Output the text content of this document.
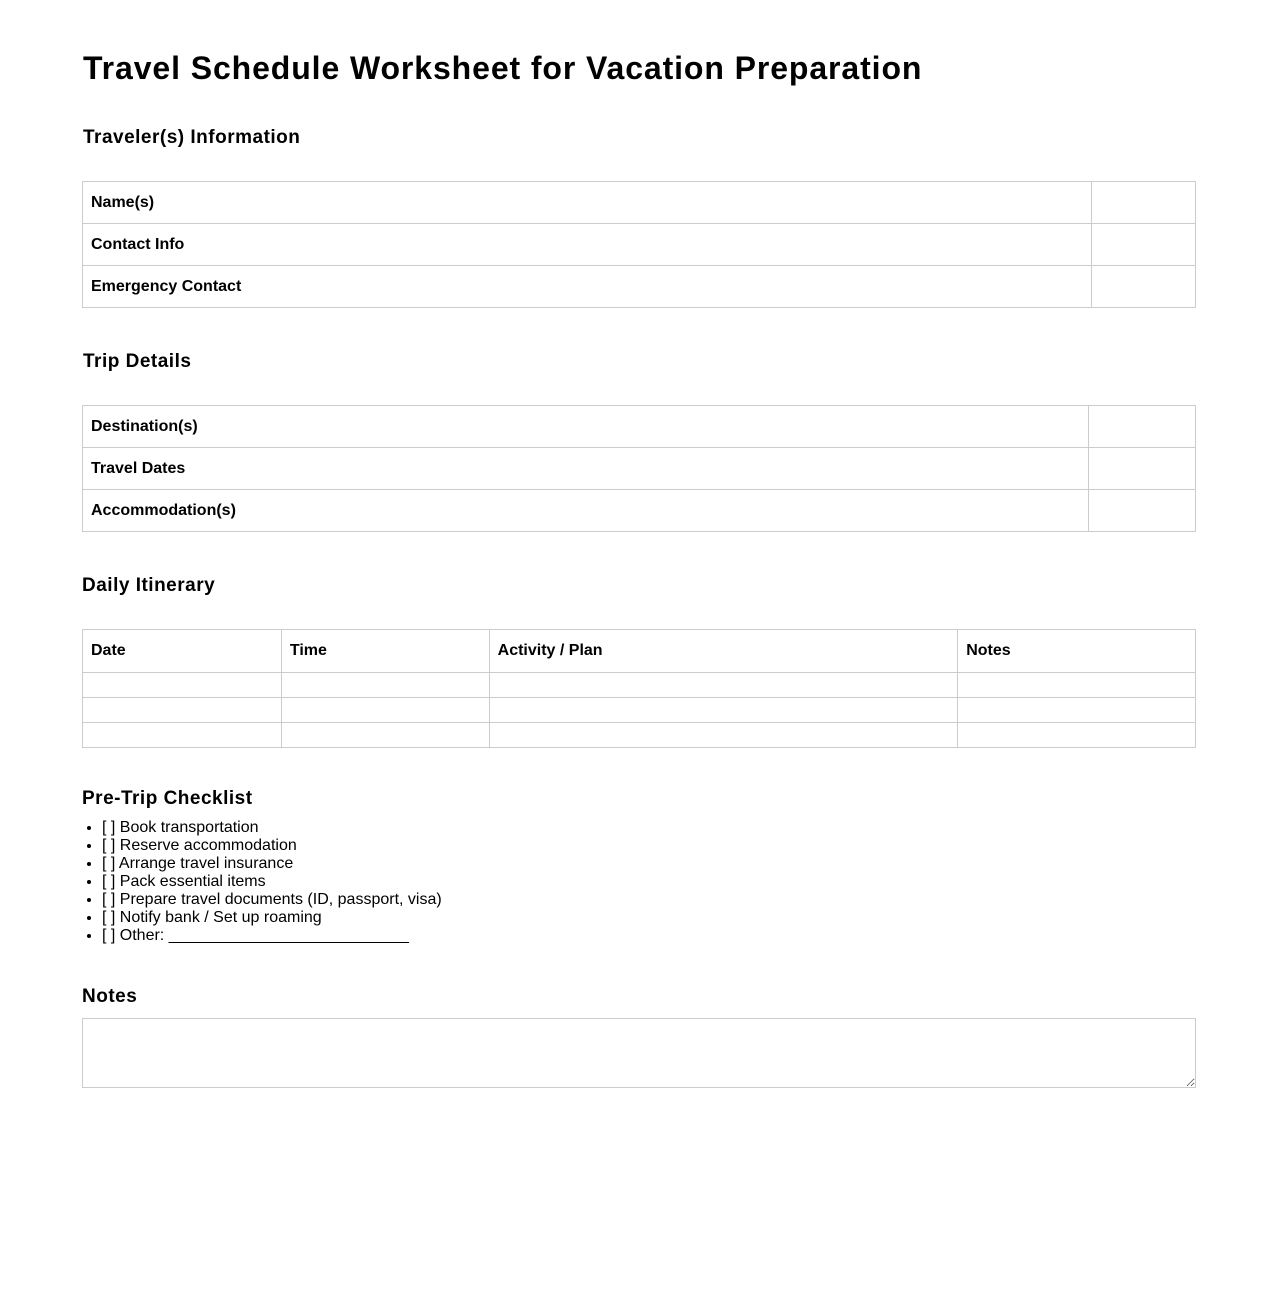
Travel Schedule Worksheet for Vacation Preparation
Traveler(s) Information
Name(s)	
Contact Info	
Emergency Contact	
Trip Details
Destination(s)	
Travel Dates	
Accommodation(s)	
Daily Itinerary
Date	Time	Activity / Plan	Notes

Pre-Trip Checklist
• [ ] Book transportation
• [ ] Reserve accommodation
• [ ] Arrange travel insurance
• [ ] Pack essential items
• [ ] Prepare travel documents (ID, passport, visa)
• [ ] Notify bank / Set up roaming
• [ ] Other: ___________________________
Notes
